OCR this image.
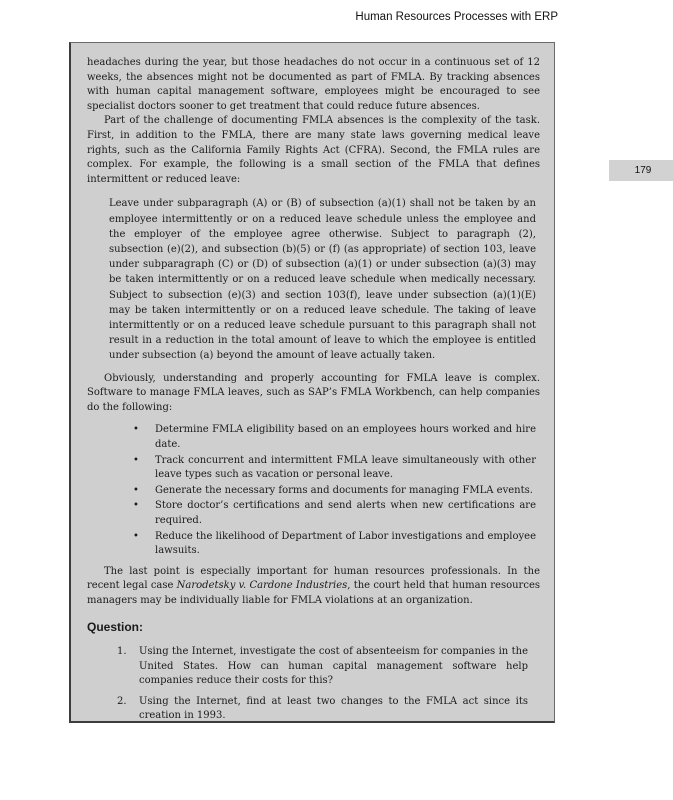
Human Resources Processes with ERP
179

headaches during the year, but those headaches do not occur in a continuous set of 12 weeks, the absences might not be documented as part of FMLA. By tracking absences with human capital management software, employees might be encouraged to see specialist doctors sooner to get treatment that could reduce future absences.

Part of the challenge of documenting FMLA absences is the complexity of the task. First, in addition to the FMLA, there are many state laws governing medical leave rights, such as the California Family Rights Act (CFRA). Second, the FMLA rules are complex. For example, the following is a small section of the FMLA that defines intermittent or reduced leave:

Leave under subparagraph (A) or (B) of subsection (a)(1) shall not be taken by an employee intermittently or on a reduced leave schedule unless the employee and the employer of the employee agree otherwise. Subject to paragraph (2), subsection (e)(2), and subsection (b)(5) or (f) (as appropriate) of section 103, leave under subparagraph (C) or (D) of subsection (a)(1) or under subsection (a)(3) may be taken intermittently or on a reduced leave schedule when medically necessary. Subject to subsection (e)(3) and section 103(f), leave under subsection (a)(1)(E) may be taken intermittently or on a reduced leave schedule. The taking of leave intermittently or on a reduced leave schedule pursuant to this paragraph shall not result in a reduction in the total amount of leave to which the employee is entitled under subsection (a) beyond the amount of leave actually taken.

Obviously, understanding and properly accounting for FMLA leave is complex. Software to manage FMLA leaves, such as SAP’s FMLA Workbench, can help companies do the following:

• Determine FMLA eligibility based on an employees hours worked and hire date.
• Track concurrent and intermittent FMLA leave simultaneously with other leave types such as vacation or personal leave.
• Generate the necessary forms and documents for managing FMLA events.
• Store doctor’s certifications and send alerts when new certifications are required.
• Reduce the likelihood of Department of Labor investigations and employee lawsuits.

The last point is especially important for human resources professionals. In the recent legal case Narodetsky v. Cardone Industries, the court held that human resources managers may be individually liable for FMLA violations at an organization.

Question:
1. Using the Internet, investigate the cost of absenteeism for companies in the United States. How can human capital management software help companies reduce their costs for this?
2. Using the Internet, find at least two changes to the FMLA act since its creation in 1993.
